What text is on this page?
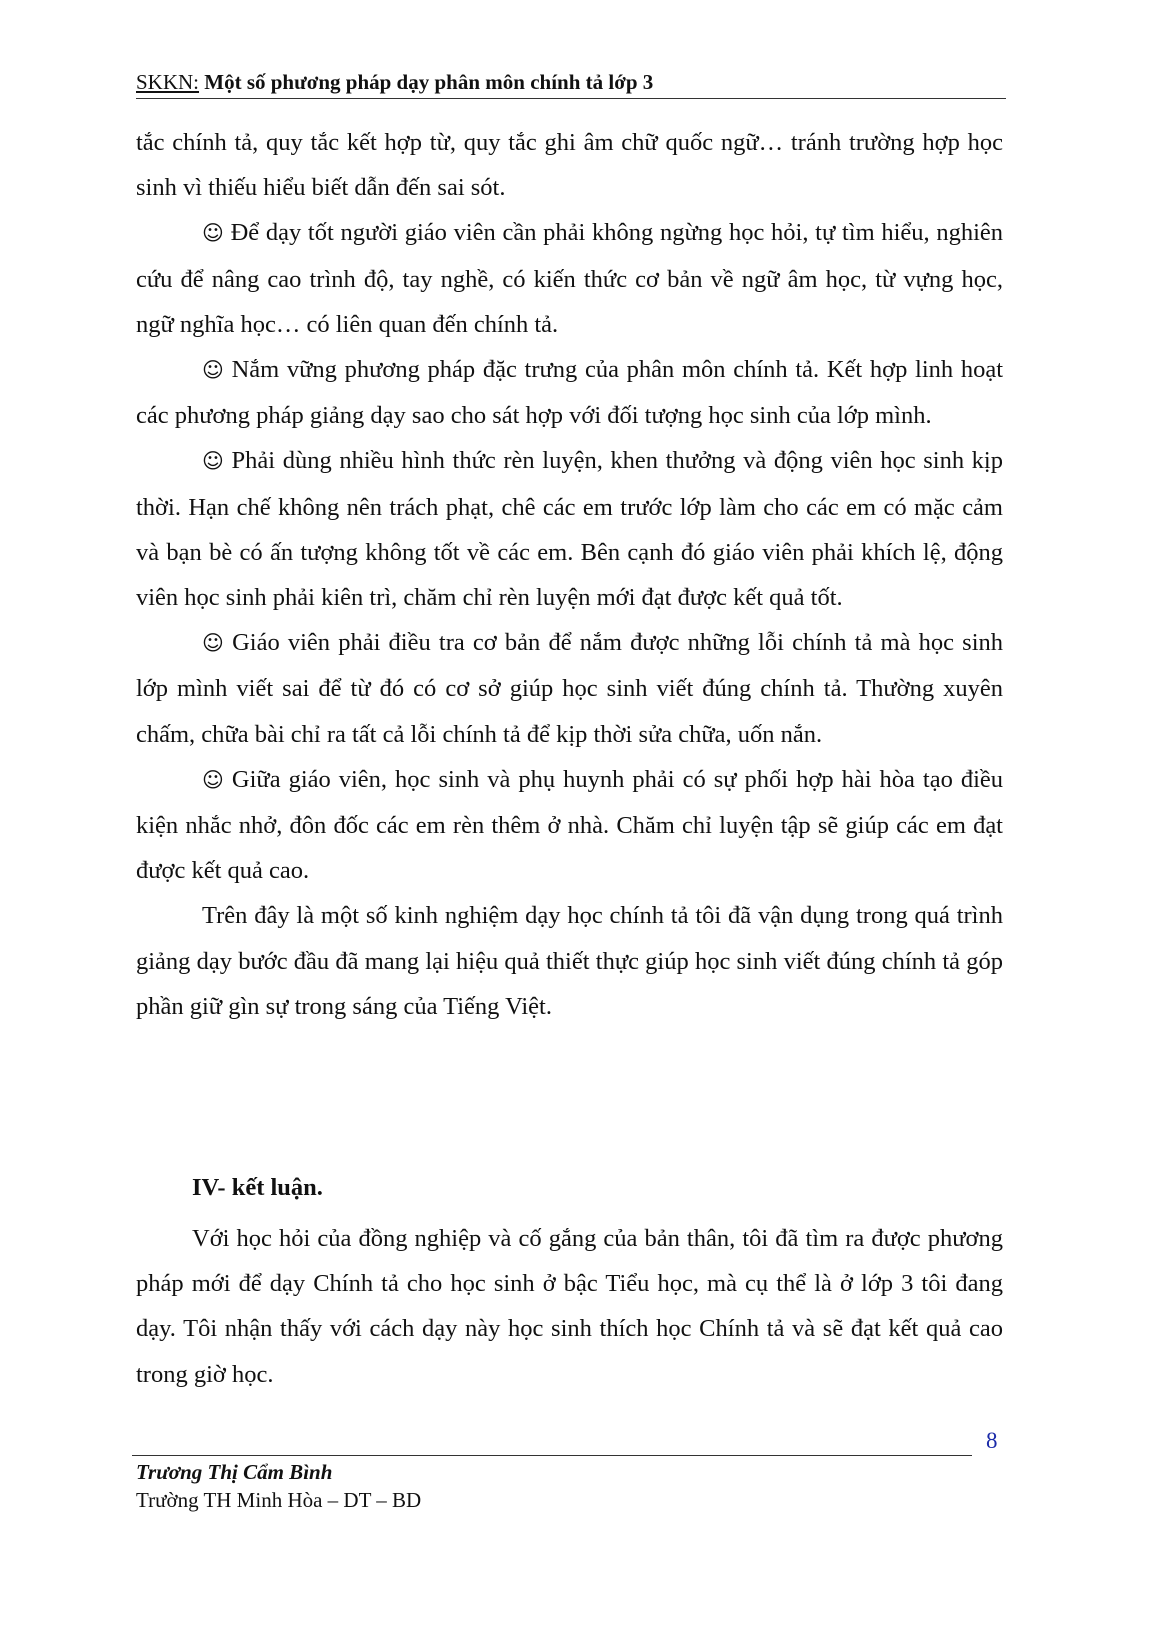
SKKN: Một số phương pháp dạy phân môn chính tả lớp 3

tắc chính tả, quy tắc kết hợp từ, quy tắc ghi âm chữ quốc ngữ… tránh trường hợp học sinh vì thiếu hiểu biết dẫn đến sai sót.

☺ Để dạy tốt người giáo viên cần phải không ngừng học hỏi, tự tìm hiểu, nghiên cứu để nâng cao trình độ, tay nghề, có kiến thức cơ bản về ngữ âm học, từ vựng học, ngữ nghĩa học… có liên quan đến chính tả.

☺ Nắm vững phương pháp đặc trưng của phân môn chính tả. Kết hợp linh hoạt các phương pháp giảng dạy sao cho sát hợp với đối tượng học sinh của lớp mình.

☺ Phải dùng nhiều hình thức rèn luyện, khen thưởng và động viên học sinh kịp thời. Hạn chế không nên trách phạt, chê các em trước lớp làm cho các em có mặc cảm và bạn bè có ấn tượng không tốt về các em. Bên cạnh đó giáo viên phải khích lệ, động viên học sinh phải kiên trì, chăm chỉ rèn luyện mới đạt được kết quả tốt.

☺ Giáo viên phải điều tra cơ bản để nắm được những lỗi chính tả mà học sinh lớp mình viết sai để từ đó có cơ sở giúp học sinh viết đúng chính tả. Thường xuyên chấm, chữa bài chỉ ra tất cả lỗi chính tả để kịp thời sửa chữa, uốn nắn.

☺ Giữa giáo viên, học sinh và phụ huynh phải có sự phối hợp hài hòa tạo điều kiện nhắc nhở, đôn đốc các em rèn thêm ở nhà. Chăm chỉ luyện tập sẽ giúp các em đạt được kết quả cao.

Trên đây là một số kinh nghiệm dạy học chính tả tôi đã vận dụng trong quá trình giảng dạy bước đầu đã mang lại hiệu quả thiết thực giúp học sinh viết đúng chính tả góp phần giữ gìn sự trong sáng của Tiếng Việt.

IV- kết luận.

Với học hỏi của đồng nghiệp và cố gắng của bản thân, tôi đã tìm ra được phương pháp mới để dạy Chính tả cho học sinh ở bậc Tiểu học, mà cụ thể là ở lớp 3 tôi đang dạy. Tôi nhận thấy với cách dạy này học sinh thích học Chính tả và sẽ đạt kết quả cao trong giờ học.

8
Trương Thị Cẩm Bình
Trường TH Minh Hòa – DT – BD
